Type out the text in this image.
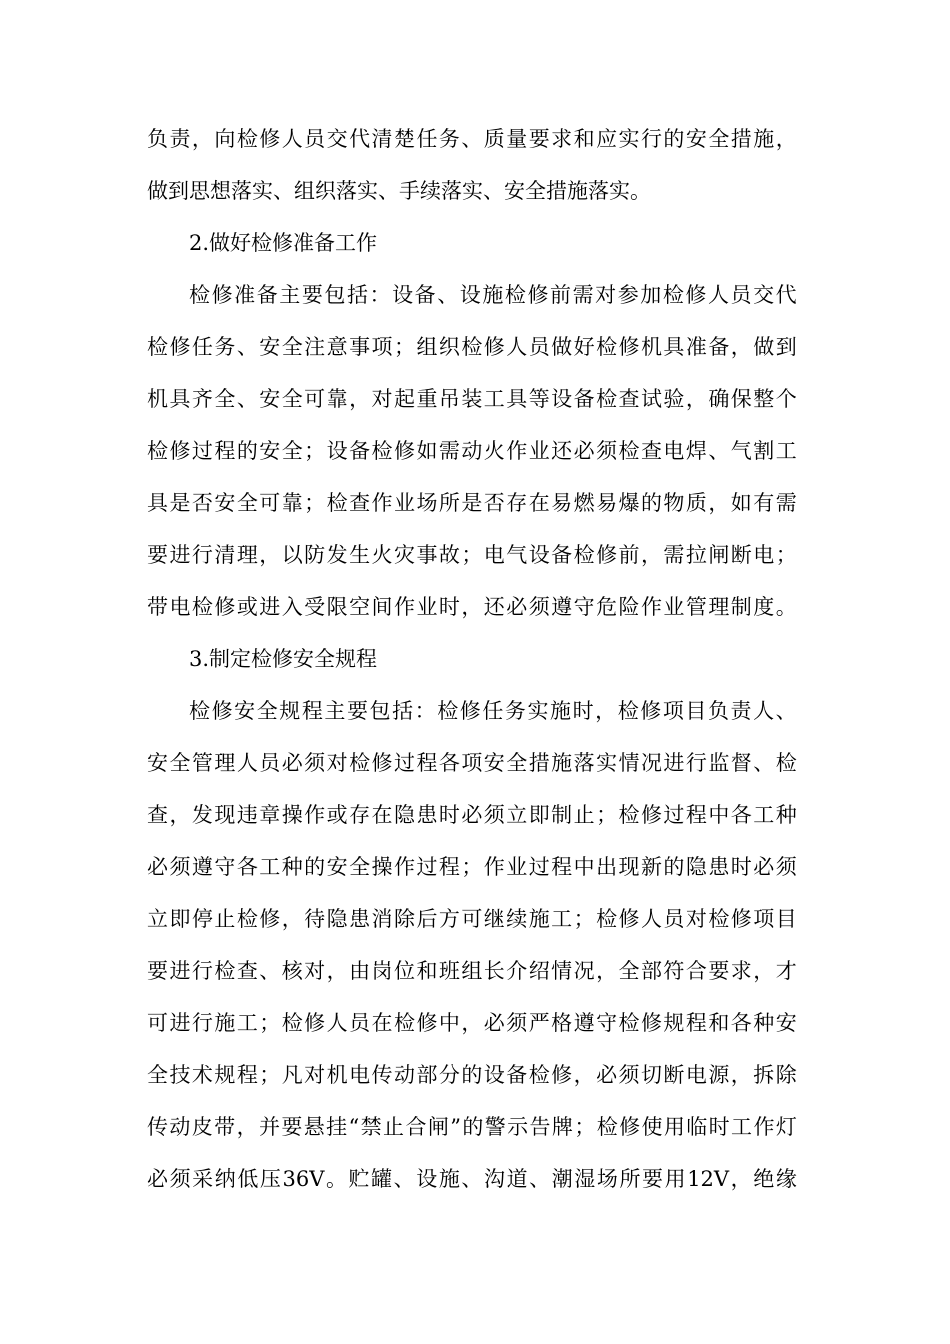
负 责 ， 向 检 修 人 员 交 代 清 楚 任 务 、 质 量 要 求 和 应 实 行 的 安 全 措 施 ，
做到思想落实、组织落实、手续落实、安全措施落实。
2.做好检修准备工作
检 修 准 备 主 要 包 括 ： 设 备 、 设 施 检 修 前 需 对 参 加 检 修 人 员 交 代
检 修 任 务 、 安 全 注 意 事 项 ； 组 织 检 修 人 员 做 好 检 修 机 具 准 备 ， 做 到
机 具 齐 全 、 安 全 可 靠 ， 对 起 重 吊 装 工 具 等 设 备 检 查 试 验 ， 确 保 整 个
检 修 过 程 的 安 全 ； 设 备 检 修 如 需 动 火 作 业 还 必 须 检 查 电 焊 、 气 割 工
具 是 否 安 全 可 靠 ； 检 查 作 业 场 所 是 否 存 在 易 燃 易 爆 的 物 质 ， 如 有 需
要 进 行 清 理 ， 以 防 发 生 火 灾 事 故 ； 电 气 设 备 检 修 前 ， 需 拉 闸 断 电 ；
带 电 检 修 或 进 入 受 限 空 间 作 业 时 ， 还 必 须 遵 守 危 险 作 业 管 理 制 度 。
3.制定检修安全规程
检 修 安 全 规 程 主 要 包 括 ： 检 修 任 务 实 施 时 ， 检 修 项 目 负 责 人 、
安 全 管 理 人 员 必 须 对 检 修 过 程 各 项 安 全 措 施 落 实 情 况 进 行 监 督 、 检
查 ， 发 现 违 章 操 作 或 存 在 隐 患 时 必 须 立 即 制 止 ； 检 修 过 程 中 各 工 种
必 须 遵 守 各 工 种 的 安 全 操 作 过 程 ； 作 业 过 程 中 出 现 新 的 隐 患 时 必 须
立 即 停 止 检 修 ， 待 隐 患 消 除 后 方 可 继 续 施 工 ； 检 修 人 员 对 检 修 项 目
要 进 行 检 查 、 核 对 ， 由 岗 位 和 班 组 长 介 绍 情 况 ， 全 部 符 合 要 求 ， 才
可 进 行 施 工 ； 检 修 人 员 在 检 修 中 ， 必 须 严 格 遵 守 检 修 规 程 和 各 种 安
全 技 术 规 程 ； 凡 对 机 电 传 动 部 分 的 设 备 检 修 ， 必 须 切 断 电 源 ， 拆 除
传 动 皮 带 ， 并 要 悬 挂 “ 禁 止 合 闸 ” 的 警 示 告 牌 ； 检 修 使 用 临 时 工 作 灯
必 须 采 纳 低 压 36V 。 贮 罐 、 设 施 、 沟 道 、 潮 湿 场 所 要 用 12V ， 绝 缘
